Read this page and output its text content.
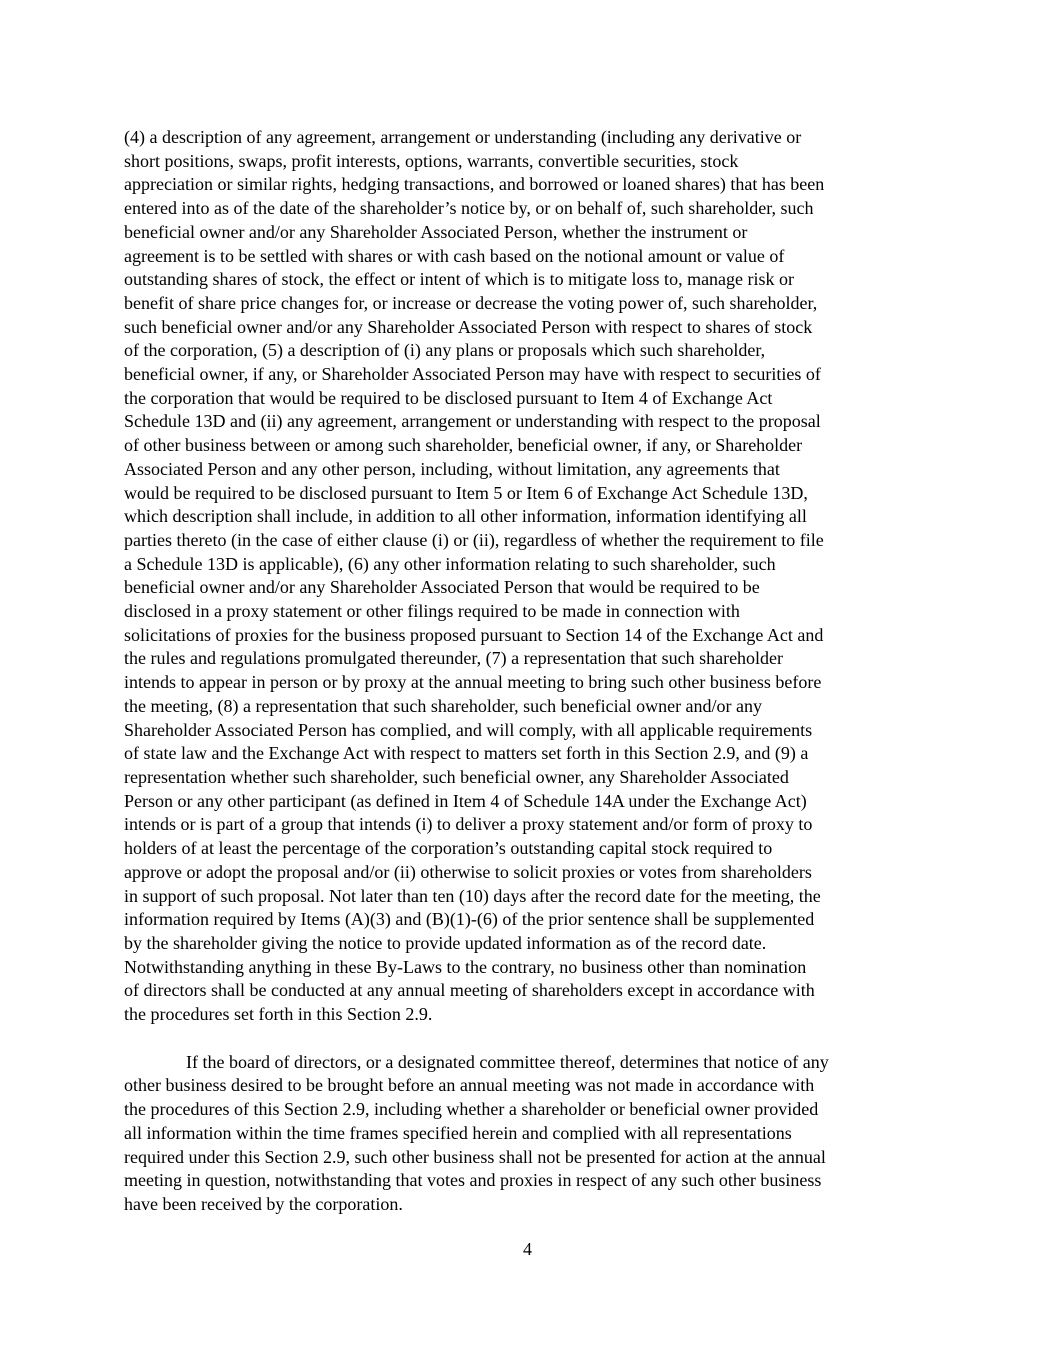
(4) a description of any agreement, arrangement or understanding (including any derivative or
short positions, swaps, profit interests, options, warrants, convertible securities, stock
appreciation or similar rights, hedging transactions, and borrowed or loaned shares) that has been
entered into as of the date of the shareholder’s notice by, or on behalf of, such shareholder, such
beneficial owner and/or any Shareholder Associated Person, whether the instrument or
agreement is to be settled with shares or with cash based on the notional amount or value of
outstanding shares of stock, the effect or intent of which is to mitigate loss to, manage risk or
benefit of share price changes for, or increase or decrease the voting power of, such shareholder,
such beneficial owner and/or any Shareholder Associated Person with respect to shares of stock
of the corporation, (5) a description of (i) any plans or proposals which such shareholder,
beneficial owner, if any, or Shareholder Associated Person may have with respect to securities of
the corporation that would be required to be disclosed pursuant to Item 4 of Exchange Act
Schedule 13D and (ii) any agreement, arrangement or understanding with respect to the proposal
of other business between or among such shareholder, beneficial owner, if any, or Shareholder
Associated Person and any other person, including, without limitation, any agreements that
would be required to be disclosed pursuant to Item 5 or Item 6 of Exchange Act Schedule 13D,
which description shall include, in addition to all other information, information identifying all
parties thereto (in the case of either clause (i) or (ii), regardless of whether the requirement to file
a Schedule 13D is applicable), (6) any other information relating to such shareholder, such
beneficial owner and/or any Shareholder Associated Person that would be required to be
disclosed in a proxy statement or other filings required to be made in connection with
solicitations of proxies for the business proposed pursuant to Section 14 of the Exchange Act and
the rules and regulations promulgated thereunder, (7) a representation that such shareholder
intends to appear in person or by proxy at the annual meeting to bring such other business before
the meeting, (8) a representation that such shareholder, such beneficial owner and/or any
Shareholder Associated Person has complied, and will comply, with all applicable requirements
of state law and the Exchange Act with respect to matters set forth in this Section 2.9, and (9) a
representation whether such shareholder, such beneficial owner, any Shareholder Associated
Person or any other participant (as defined in Item 4 of Schedule 14A under the Exchange Act)
intends or is part of a group that intends (i) to deliver a proxy statement and/or form of proxy to
holders of at least the percentage of the corporation’s outstanding capital stock required to
approve or adopt the proposal and/or (ii) otherwise to solicit proxies or votes from shareholders
in support of such proposal. Not later than ten (10) days after the record date for the meeting, the
information required by Items (A)(3) and (B)(1)-(6) of the prior sentence shall be supplemented
by the shareholder giving the notice to provide updated information as of the record date.
Notwithstanding anything in these By-Laws to the contrary, no business other than nomination
of directors shall be conducted at any annual meeting of shareholders except in accordance with
the procedures set forth in this Section 2.9.

If the board of directors, or a designated committee thereof, determines that notice of any
other business desired to be brought before an annual meeting was not made in accordance with
the procedures of this Section 2.9, including whether a shareholder or beneficial owner provided
all information within the time frames specified herein and complied with all representations
required under this Section 2.9, such other business shall not be presented for action at the annual
meeting in question, notwithstanding that votes and proxies in respect of any such other business
have been received by the corporation.

4
